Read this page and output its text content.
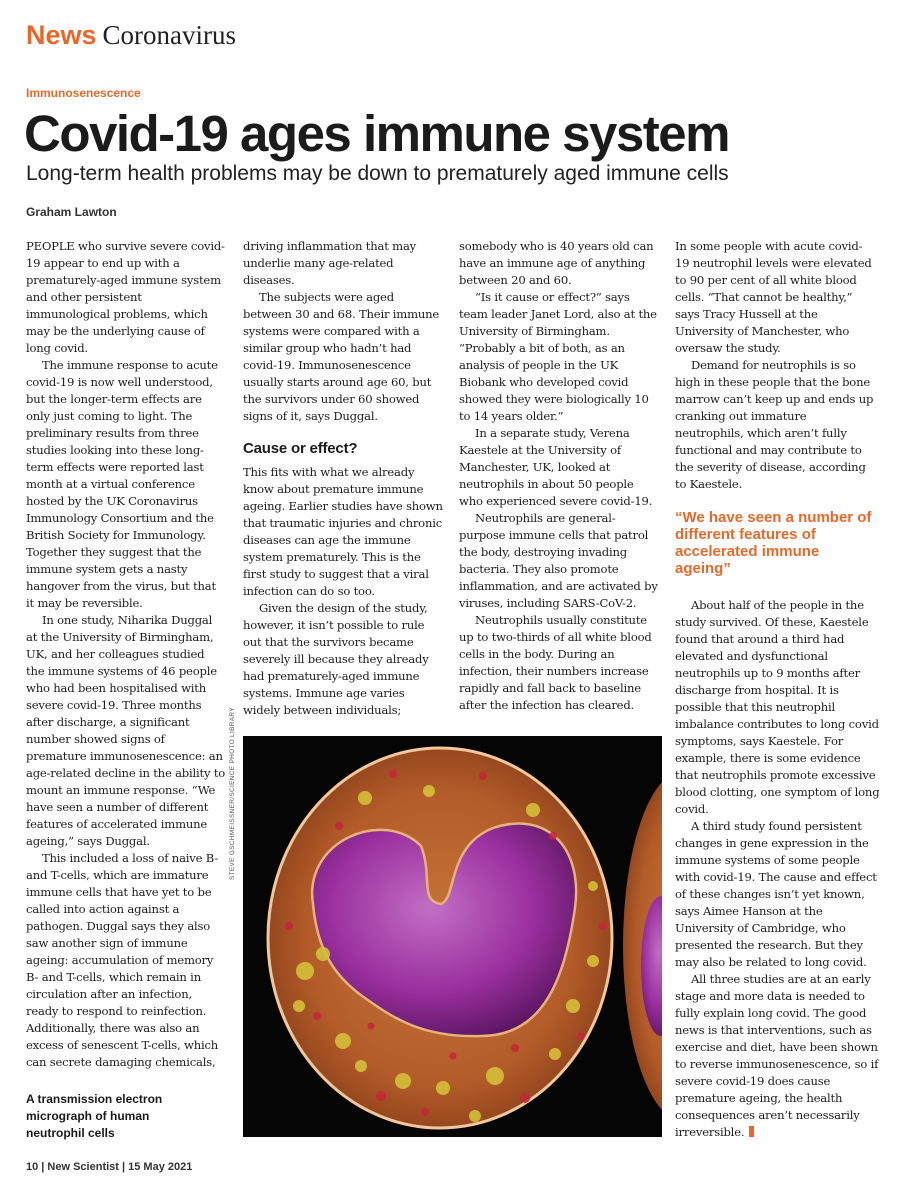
News Coronavirus
Immunosenescence
Covid-19 ages immune system
Long-term health problems may be down to prematurely aged immune cells
Graham Lawton

PEOPLE who survive severe covid-19 appear to end up with a prematurely-aged immune system and other persistent immunological problems, which may be the underlying cause of long covid.

The immune response to acute covid-19 is now well understood, but the longer-term effects are only just coming to light. The preliminary results from three studies looking into these long-term effects were reported last month at a virtual conference hosted by the UK Coronavirus Immunology Consortium and the British Society for Immunology. Together they suggest that the immune system gets a nasty hangover from the virus, but that it may be reversible.

In one study, Niharika Duggal at the University of Birmingham, UK, and her colleagues studied the immune systems of 46 people who had been hospitalised with severe covid-19. Three months after discharge, a significant number showed signs of premature immunosenescence: an age-related decline in the ability to mount an immune response. “We have seen a number of different features of accelerated immune ageing,” says Duggal.

This included a loss of naive B- and T-cells, which are immature immune cells that have yet to be called into action against a pathogen. Duggal says they also saw another sign of immune ageing: accumulation of memory B- and T-cells, which remain in circulation after an infection, ready to respond to reinfection. Additionally, there was also an excess of senescent T-cells, which can secrete damaging chemicals,

driving inflammation that may underlie many age-related diseases.

The subjects were aged between 30 and 68. Their immune systems were compared with a similar group who hadn’t had covid-19. Immunosenescence usually starts around age 60, but the survivors under 60 showed signs of it, says Duggal.

Cause or effect?

This fits with what we already know about premature immune ageing. Earlier studies have shown that traumatic injuries and chronic diseases can age the immune system prematurely. This is the first study to suggest that a viral infection can do so too.

Given the design of the study, however, it isn’t possible to rule out that the survivors became severely ill because they already had prematurely-aged immune systems. Immune age varies widely between individuals;

somebody who is 40 years old can have an immune age of anything between 20 and 60.

“Is it cause or effect?” says team leader Janet Lord, also at the University of Birmingham. “Probably a bit of both, as an analysis of people in the UK Biobank who developed covid showed they were biologically 10 to 14 years older.”

In a separate study, Verena Kaestele at the University of Manchester, UK, looked at neutrophils in about 50 people who experienced severe covid-19.

Neutrophils are general-purpose immune cells that patrol the body, destroying invading bacteria. They also promote inflammation, and are activated by viruses, including SARS-CoV-2.

Neutrophils usually constitute up to two-thirds of all white blood cells in the body. During an infection, their numbers increase rapidly and fall back to baseline after the infection has cleared.

In some people with acute covid-19 neutrophil levels were elevated to 90 per cent of all white blood cells. “That cannot be healthy,” says Tracy Hussell at the University of Manchester, who oversaw the study.

Demand for neutrophils is so high in these people that the bone marrow can’t keep up and ends up cranking out immature neutrophils, which aren’t fully functional and may contribute to the severity of disease, according to Kaestele.

“We have seen a number of different features of accelerated immune ageing”

About half of the people in the study survived. Of these, Kaestele found that around a third had elevated and dysfunctional neutrophils up to 9 months after discharge from hospital. It is possible that this neutrophil imbalance contributes to long covid symptoms, says Kaestele. For example, there is some evidence that neutrophils promote excessive blood clotting, one symptom of long covid.

A third study found persistent changes in gene expression in the immune systems of some people with covid-19. The cause and effect of these changes isn’t yet known, says Aimee Hanson at the University of Cambridge, who presented the research. But they may also be related to long covid.

All three studies are at an early stage and more data is needed to fully explain long covid. The good news is that interventions, such as exercise and diet, have been shown to reverse immunosenescence, so if severe covid-19 does cause premature ageing, the health consequences aren’t necessarily irreversible.

STEVE GSCHMEISSNER/SCIENCE PHOTO LIBRARY
A transmission electron micrograph of human neutrophil cells
10 | New Scientist | 15 May 2021
